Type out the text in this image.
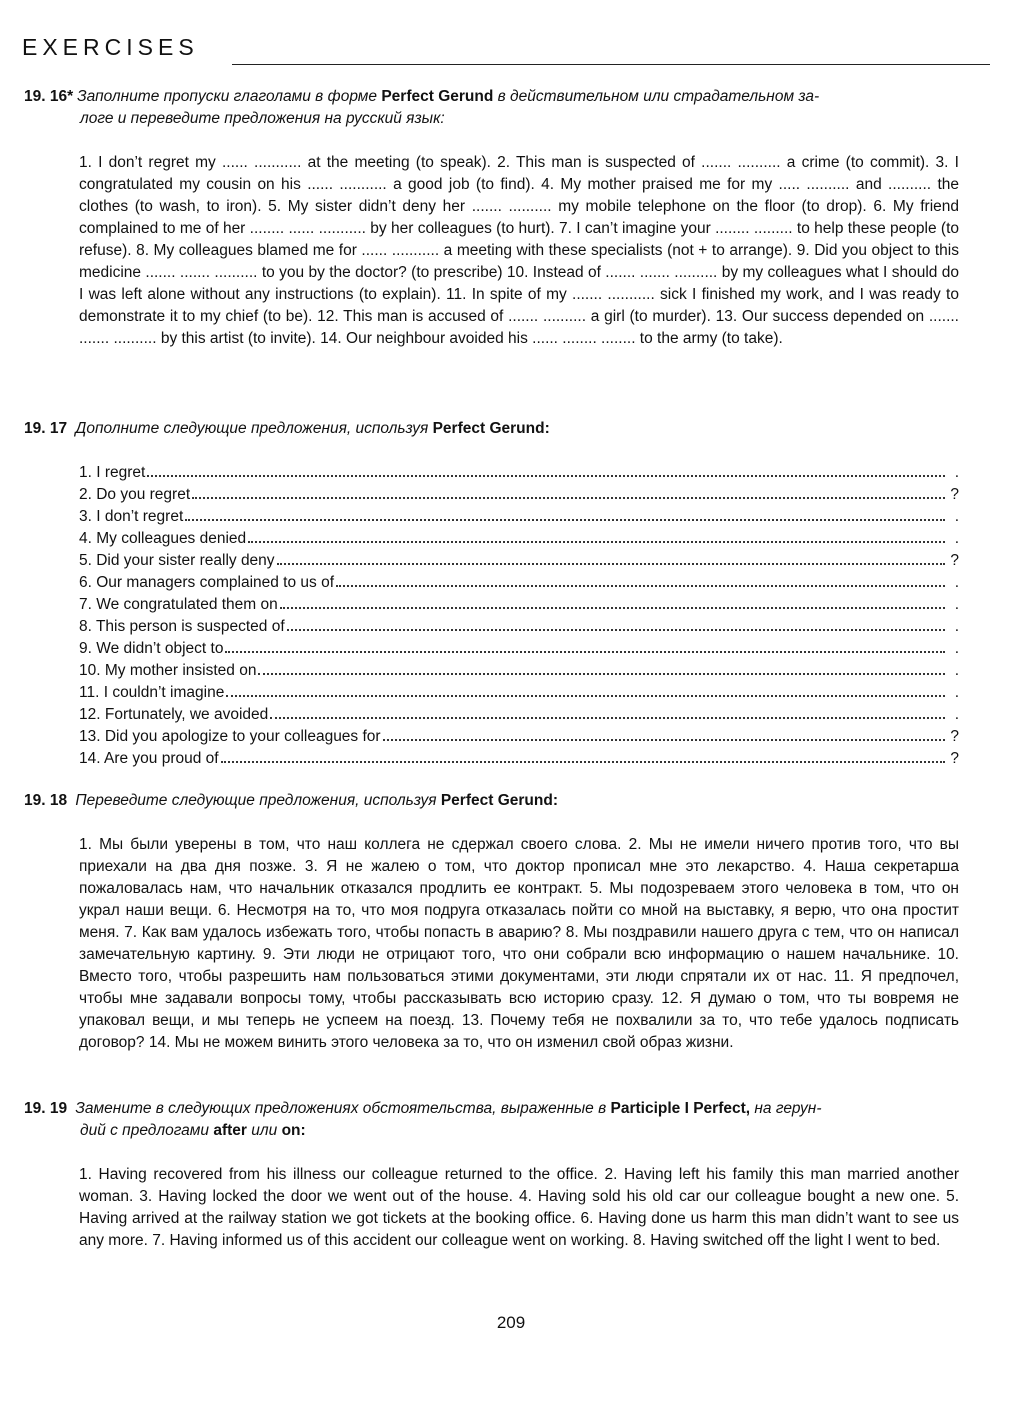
EXERCISES
19. 16* Заполните пропуски глаголами в форме Perfect Gerund в действительном или страдательном за-
логе и переведите предложения на русский язык:
1. I don’t regret my ...... ........... at the meeting (to speak). 2. This man is suspected of ....... .......... a crime (to commit). 3. I congratulated my cousin on his ...... ........... a good job (to find). 4. My mother praised me for my ..... .......... and .......... the clothes (to wash, to iron). 5. My sister didn’t deny her ....... .......... my mobile telephone on the floor (to drop). 6. My friend complained to me of her ........ ...... ........... by her colleagues (to hurt). 7. I can’t imagine your ........ ......... to help these people (to refuse). 8. My colleagues blamed me for ...... ........... a meeting with these specialists (not + to arrange). 9. Did you object to this medicine ....... ....... .......... to you by the doctor? (to prescribe) 10. Instead of ....... ....... .......... by my colleagues what I should do I was left alone without any instructions (to explain). 11. In spite of my ....... ........... sick I finished my work, and I was ready to demonstrate it to my chief (to be). 12. This man is accused of ....... .......... a girl (to murder). 13. Our success depended on ....... ....... .......... by this artist (to invite). 14. Our neighbour avoided his ...... ........ ........ to the army (to take).
19. 17 Дополните следующие предложения, используя Perfect Gerund:
1. I regret	.
2. Do you regret	?
3. I don’t regret	.
4. My colleagues denied	.
5. Did your sister really deny	?
6. Our managers complained to us of	.
7. We congratulated them on	.
8. This person is suspected of	.
9. We didn’t object to	.
10. My mother insisted on	.
11. I couldn’t imagine	.
12. Fortunately, we avoided	.
13. Did you apologize to your colleagues for	?
14. Are you proud of	?
19. 18 Переведите следующие предложения, используя Perfect Gerund:
1. Мы были уверены в том, что наш коллега не сдержал своего слова. 2. Мы не имели ничего против того, что вы приехали на два дня позже. 3. Я не жалею о том, что доктор прописал мне это лекарство. 4. Наша секретарша пожаловалась нам, что начальник отказался продлить ее контракт. 5. Мы подозреваем этого человека в том, что он украл наши вещи. 6. Несмотря на то, что моя подруга отказалась пойти со мной на выставку, я верю, что она простит меня. 7. Как вам удалось избежать того, чтобы попасть в аварию? 8. Мы поздравили нашего друга с тем, что он написал замечательную картину. 9. Эти люди не отрицают того, что они собрали всю информацию о нашем начальнике. 10. Вместо того, чтобы разрешить нам пользоваться этими документами, эти люди спрятали их от нас. 11. Я предпочел, чтобы мне задавали вопросы тому, чтобы рассказывать всю историю сразу. 12. Я думаю о том, что ты вовремя не упаковал вещи, и мы теперь не успеем на поезд. 13. Почему тебя не похвалили за то, что тебе удалось подписать договор? 14. Мы не можем винить этого человека за то, что он изменил свой образ жизни.
19. 19 Замените в следующих предложениях обстоятельства, выраженные в Participle I Perfect, на герун-
дий с предлогами after или on:
1. Having recovered from his illness our colleague returned to the office. 2. Having left his family this man married another woman. 3. Having locked the door we went out of the house. 4. Having sold his old car our colleague bought a new one. 5. Having arrived at the railway station we got tickets at the booking office. 6. Having done us harm this man didn’t want to see us any more. 7. Having informed us of this accident our colleague went on working. 8. Having switched off the light I went to bed.
209
